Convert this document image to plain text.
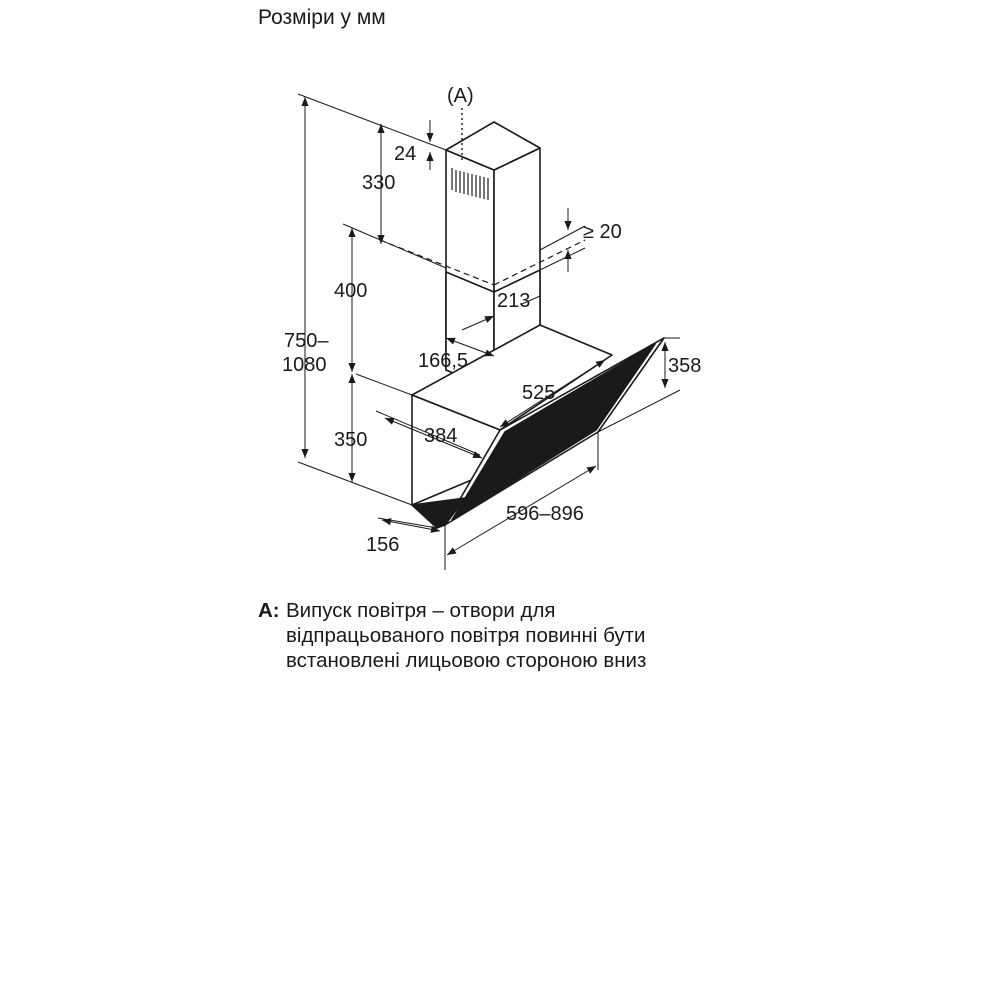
Розміри у мм
(A)
24
330
≥ 20
400	213
750–
1080	166,5	358
525
384
350
596–896
156
A: Випуск повітря – отвори для
відпрацьованого повітря повинні бути
встановлені лицьовою стороною вниз
